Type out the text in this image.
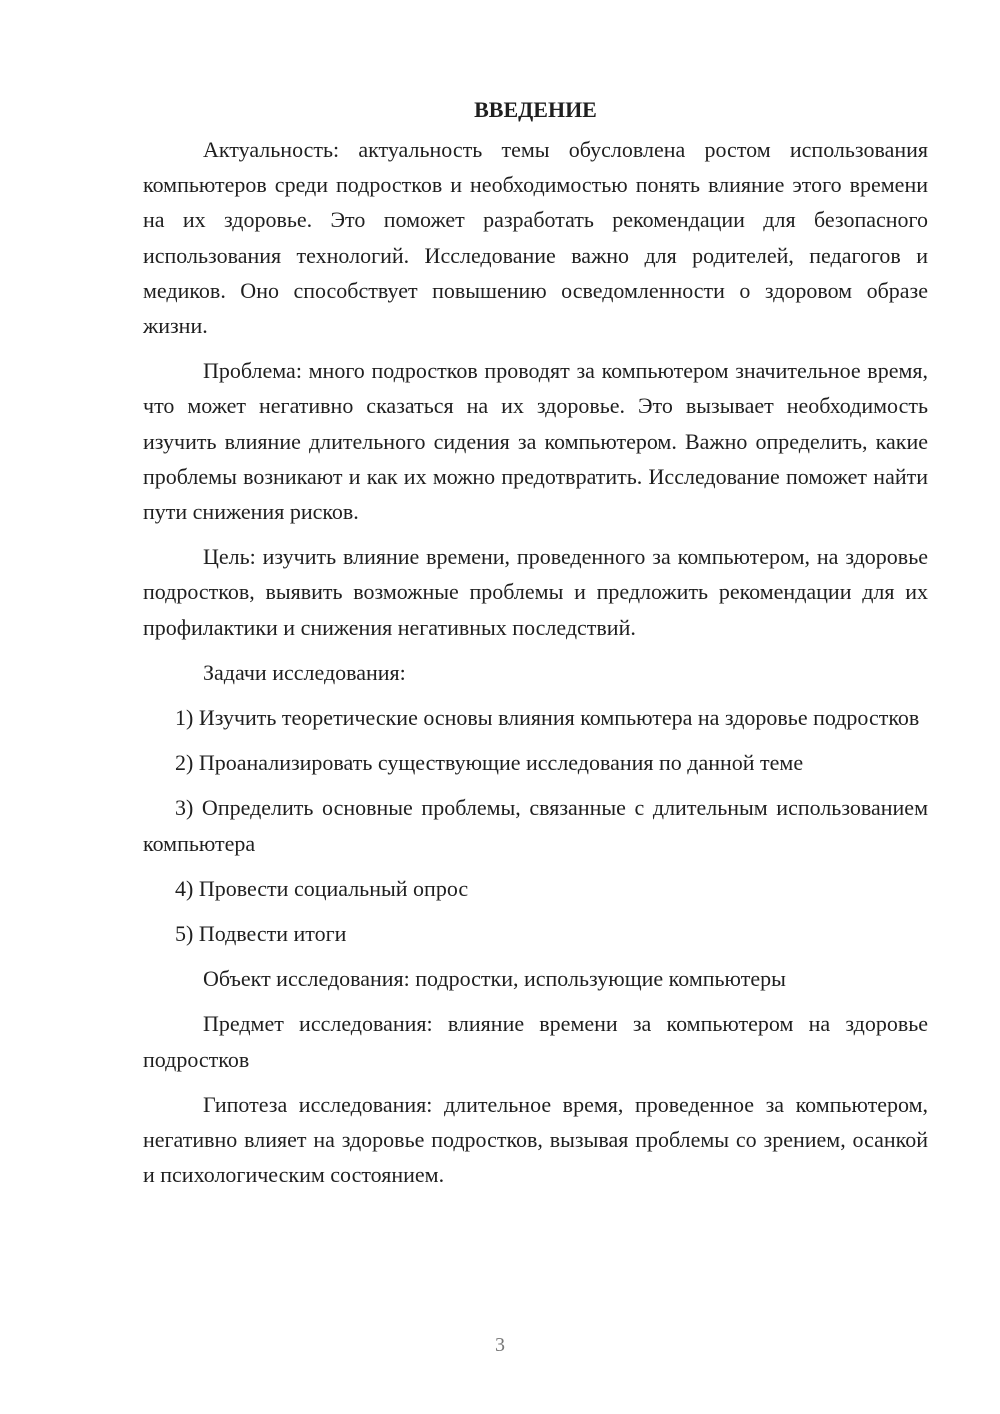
ВВЕДЕНИЕ

Актуальность: актуальность темы обусловлена ростом использования компьютеров среди подростков и необходимостью понять влияние этого времени на их здоровье. Это поможет разработать рекомендации для безопасного использования технологий. Исследование важно для родителей, педагогов и медиков. Оно способствует повышению осведомленности о здоровом образе жизни.

Проблема: много подростков проводят за компьютером значительное время, что может негативно сказаться на их здоровье. Это вызывает необходимость изучить влияние длительного сидения за компьютером. Важно определить, какие проблемы возникают и как их можно предотвратить. Исследование поможет найти пути снижения рисков.

Цель: изучить влияние времени, проведенного за компьютером, на здоровье подростков, выявить возможные проблемы и предложить рекомендации для их профилактики и снижения негативных последствий.

Задачи исследования:

1) Изучить теоретические основы влияния компьютера на здоровье подростков

2) Проанализировать существующие исследования по данной теме

3) Определить основные проблемы, связанные с длительным использованием компьютера

4) Провести социальный опрос

5) Подвести итоги

Объект исследования: подростки, использующие компьютеры

Предмет исследования: влияние времени за компьютером на здоровье подростков

Гипотеза исследования: длительное время, проведенное за компьютером, негативно влияет на здоровье подростков, вызывая проблемы со зрением, осанкой и психологическим состоянием.

3
